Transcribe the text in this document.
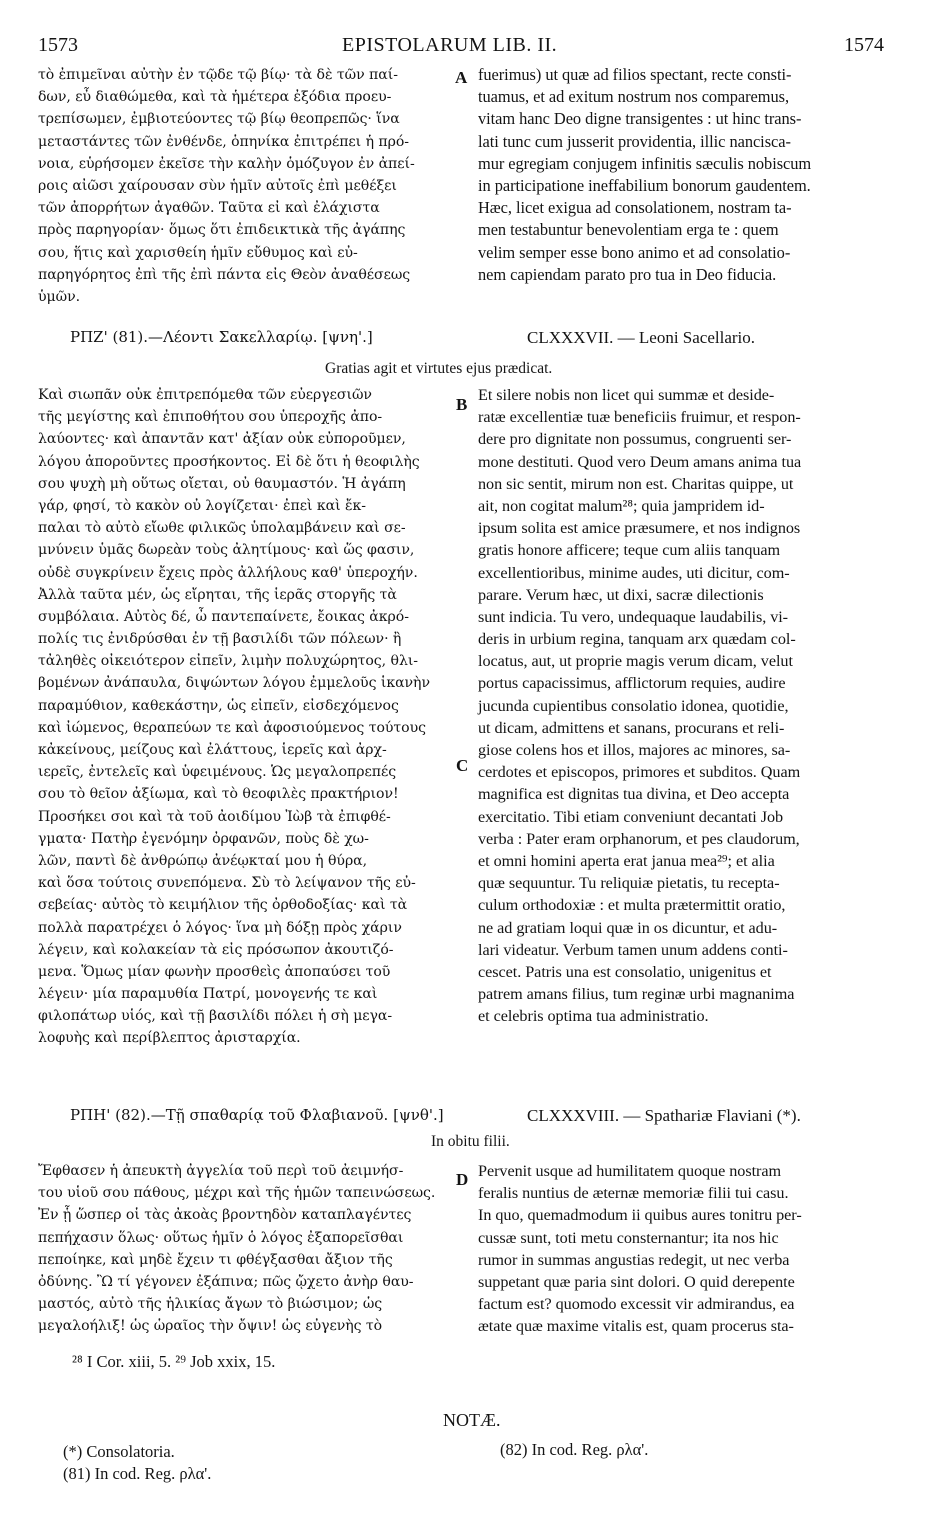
1573	EPISTOLARUM LIB. II.	1574
τὸ ἐπιμεῖναι αὐτὴν ἐν τῷδε τῷ βίῳ· τὰ δὲ τῶν παί-
δων, εὖ διαθώμεθα, καὶ τὰ ἡμέτερα ἐξόδια προευ-
τρεπίσωμεν, ἐμβιοτεύοντες τῷ βίῳ θεοπρεπῶς· ἵνα
μεταστάντες τῶν ἐνθένδε, ὁπηνίκα ἐπιτρέπει ἡ πρό-
νοια, εὑρήσομεν ἐκεῖσε τὴν καλὴν ὁμόζυγον ἐν ἀπεί-
ροις αἰῶσι χαίρουσαν σὺν ἡμῖν αὐτοῖς ἐπὶ μεθέξει
τῶν ἀπορρήτων ἀγαθῶν. Ταῦτα εἰ καὶ ἐλάχιστα
πρὸς παρηγορίαν· ὅμως ὅτι ἐπιδεικτικὰ τῆς ἀγάπης
σου, ἥτις καὶ χαρισθείη ἡμῖν εὔθυμος καὶ εὐ-
παρηγόρητος ἐπὶ τῆς ἐπὶ πάντα εἰς Θεὸν ἀναθέσεως
ὑμῶν.
A fuerimus) ut quæ ad filios spectant, recte consti-
tuamus, et ad exitum nostrum nos comparemus,
vitam hanc Deo digne transigentes : ut hinc trans-
lati tunc cum jusserit providentia, illic nanciscа-
mur egregiam conjugem infinitis sæculis nobiscum
in participatione ineffabilium bonorum gaudentem.
Hæc, licet exigua ad consolationem, nostram ta-
men testabuntur benevolentiam erga te : quem
velim semper esse bono animo et ad consolatio-
nem capiendam parato pro tua in Deo fiducia.
ΡΠΖ' (81).—Λέοντι Σακελλαρίῳ. [ψνη'.]	CLXXXVII. — Leoni Sacellario.
Gratias agit et virtutes ejus prædicat.
Καὶ σιωπᾶν οὐκ ἐπιτρεπόμεθα τῶν εὐεργεσιῶν
τῆς μεγίστης καὶ ἐπιποθήτου σου ὑπεροχῆς ἀπο-
λαύοντες· καὶ ἀπαντᾶν κατ' ἀξίαν οὐκ εὐποροῦμεν,
λόγου ἀποροῦντες προσήκοντος. Εἰ δὲ ὅτι ἡ θεοφιλὴς
σου ψυχὴ μὴ οὕτως οἴεται, οὐ θαυμαστόν. Ἡ ἀγάπη
γάρ, φησί, τὸ κακὸν οὐ λογίζεται· ἐπεὶ καὶ ἔκ-
παλαι τὸ αὐτὸ εἴωθε φιλικῶς ὑπολαμβάνειν καὶ σε-
μνύνειν ὑμᾶς δωρεὰν τοὺς ἀλητίμους· καὶ ὥς φασιν,
οὐδὲ συγκρίνειν ἔχεις πρὸς ἀλλήλους καθ' ὑπεροχήν.
Ἀλλὰ ταῦτα μέν, ὡς εἴρηται, τῆς ἱερᾶς στοργῆς τὰ
συμβόλαια. Αὐτὸς δέ, ὦ παντεπαίνετε, ἔοικας ἀκρό-
πολίς τις ἐνιδρύσθαι ἐν τῇ βασιλίδι τῶν πόλεων· ἢ
τἀληθὲς οἰκειότερον εἰπεῖν, λιμὴν πολυχώρητος, θλι-
βομένων ἀνάπαυλα, διψώντων λόγου ἐμμελοῦς ἱκανὴν
παραμύθιον, καθεκάστην, ὡς εἰπεῖν, εἰσδεχόμενος
καὶ ἰώμενος, θεραπεύων τε καὶ ἀφοσιούμενος τούτους
κἀκείνους, μείζους καὶ ἐλάττους, ἱερεῖς καὶ ἀρχ-
ιερεῖς, ἐντελεῖς καὶ ὑφειμένους. Ὡς μεγαλοπρεπές
σου τὸ θεῖον ἀξίωμα, καὶ τὸ θεοφιλὲς πρακτήριον!
Προσήκει σοι καὶ τὰ τοῦ ἀοιδίμου Ἰὼβ τὰ ἐπιφθέ-
γματα· Πατὴρ ἐγενόμην ὀρφανῶν, ποὺς δὲ χω-
λῶν, παντὶ δὲ ἀνθρώπῳ ἀνέῳκταί μου ἡ θύρα,
καὶ ὅσα τούτοις συνεπόμενα. Σὺ τὸ λείψανον τῆς εὐ-
σεβείας· αὐτὸς τὸ κειμήλιον τῆς ὀρθοδοξίας· καὶ τὰ
πολλὰ παρατρέχει ὁ λόγος· ἵνα μὴ δόξῃ πρὸς χάριν
λέγειν, καὶ κολακείαν τὰ εἰς πρόσωπον ἀκουτιζό-
μενα. Ὅμως μίαν φωνὴν προσθεὶς ἀποπαύσει τοῦ
λέγειν· μία παραμυθία Πατρί, μονογενής τε καὶ
φιλοπάτωρ υἱός, καὶ τῇ βασιλίδι πόλει ἡ σὴ μεγα-
λοφυὴς καὶ περίβλεπτος ἀρισταρχία.
B
C
Et silere nobis non licet qui summæ et deside-
ratæ excellentiæ tuæ beneficiis fruimur, et respon-
dere pro dignitate non possumus, congruenti ser-
mone destituti. Quod vero Deum amans anima tua
non sic sentit, mirum non est. Charitas quippe, ut
ait, non cogitat malum²⁸; quia jampridem id-
ipsum solita est amice præsumere, et nos indignos
gratis honore afficere; teque cum aliis tanquam
excellentioribus, minime audes, uti dicitur, com-
parare. Verum hæc, ut dixi, sacræ dilectionis
sunt indicia. Tu vero, undequaque laudabilis, vi-
deris in urbium regina, tanquam arx quædam col-
locatus, aut, ut proprie magis verum dicam, velut
portus capacissimus, afflictorum requies, audire
jucunda cupientibus consolatio idonea, quotidie,
ut dicam, admittens et sanans, procurans et reli-
giose colens hos et illos, majores ac minores, sa-
cerdotes et episcopos, primores et subditos. Quam
magnifica est dignitas tua divina, et Deo accepta
exercitatio. Tibi etiam conveniunt decantati Job
verba : Pater eram orphanorum, et pes claudorum,
et omni homini aperta erat janua mea²⁹; et alia
quæ sequuntur. Tu reliquiæ pietatis, tu recepta-
culum orthodoxiæ : et multa prætermittit oratio,
ne ad gratiam loqui quæ in os dicuntur, et adu-
lari videatur. Verbum tamen unum addens conti-
cescet. Patris una est consolatio, unigenitus et
patrem amans filius, tum reginæ urbi magnanima
et celebris optima tua administratio.
ΡΠΗ' (82).—Τῇ σπαθαρίᾳ τοῦ Φλαβιανοῦ. [ψνθ'.]	CLXXXVIII. — Spathariæ Flaviani (*).
In obitu filii.
Ἔφθασεν ἡ ἀπευκτὴ ἀγγελία τοῦ περὶ τοῦ ἀειμνήσ-
του υἱοῦ σου πάθους, μέχρι καὶ τῆς ἡμῶν ταπεινώσεως.
Ἐν ᾗ ὥσπερ οἱ τὰς ἀκοὰς βροντηδὸν καταπλαγέντες
πεπήχασιν ὅλως· οὕτως ἡμῖν ὁ λόγος ἐξαπορεῖσθαι
πεποίηκε, καὶ μηδὲ ἔχειν τι φθέγξασθαι ἄξιον τῆς
ὀδύνης. Ὢ τί γέγονεν ἐξάπινα; πῶς ᾤχετο ἀνὴρ θαυ-
μαστός, αὐτὸ τῆς ἡλικίας ἄγων τὸ βιώσιμον; ὡς
μεγαλοήλιξ! ὡς ὡραῖος τὴν ὄψιν! ὡς εὐγενὴς τὸ
D Pervenit usque ad humilitatem quoque nostram
feralis nuntius de æternæ memoriæ filii tui casu.
In quo, quemadmodum ii quibus aures tonitru per-
cussæ sunt, toti metu consternantur; ita nos hic
rumor in summas angustias redegit, ut nec verba
suppetant quæ paria sint dolori. O quid derepente
factum est? quomodo excessit vir admirandus, ea
ætate quæ maxime vitalis est, quam procerus sta-
²⁸ I Cor. xiii, 5. ²⁹ Job xxix, 15.
NOTÆ.
(*) Consolatoria.
(81) In cod. Reg. ρλα'.
(82) In cod. Reg. ρλα'.
